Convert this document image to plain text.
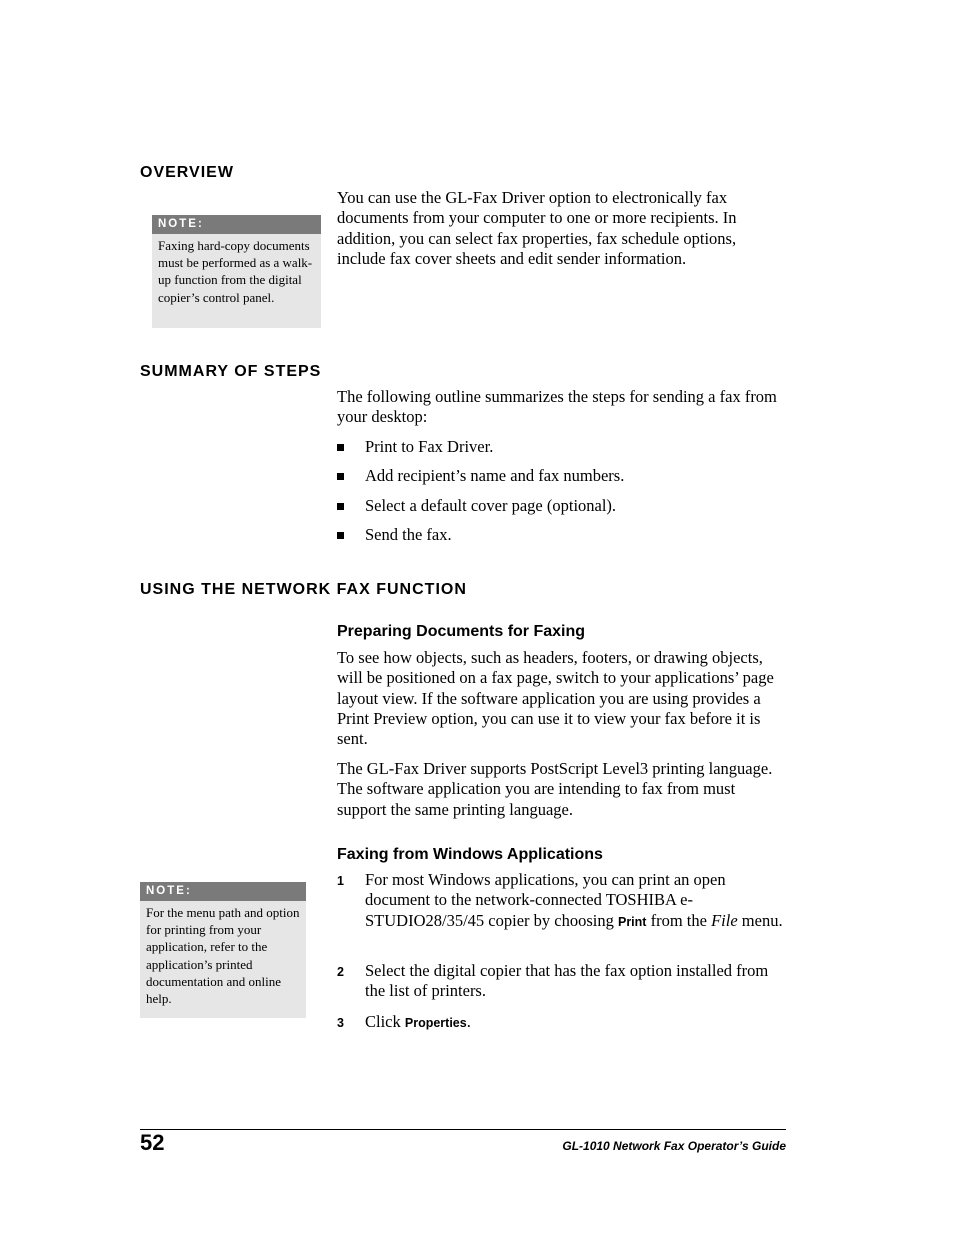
OVERVIEW
NOTE:
Faxing hard-copy documents must be performed as a walk-up function from the digital copier’s control panel.
You can use the GL-Fax Driver option to electronically fax documents from your computer to one or more recipients. In addition, you can select fax properties, fax schedule options, include fax cover sheets and edit sender information.
SUMMARY OF STEPS
The following outline summarizes the steps for sending a fax from your desktop:
Print to Fax Driver.
Add recipient’s name and fax numbers.
Select a default cover page (optional).
Send the fax.
USING THE NETWORK FAX FUNCTION
Preparing Documents for Faxing
To see how objects, such as headers, footers, or drawing objects, will be positioned on a fax page, switch to your applications’ page layout view. If the software application you are using provides a Print Preview option, you can use it to view your fax before it is sent.
The GL-Fax Driver supports PostScript Level3 printing language. The software application you are intending to fax from must support the same printing language.
Faxing from Windows Applications
NOTE:
For the menu path and option for printing from your application, refer to the application’s printed documentation and online help.
1 For most Windows applications, you can print an open document to the network-connected TOSHIBA e-STUDIO28/35/45 copier by choosing Print from the File menu.
2 Select the digital copier that has the fax option installed from the list of printers.
3 Click Properties.
52	GL-1010 Network Fax Operator’s Guide
